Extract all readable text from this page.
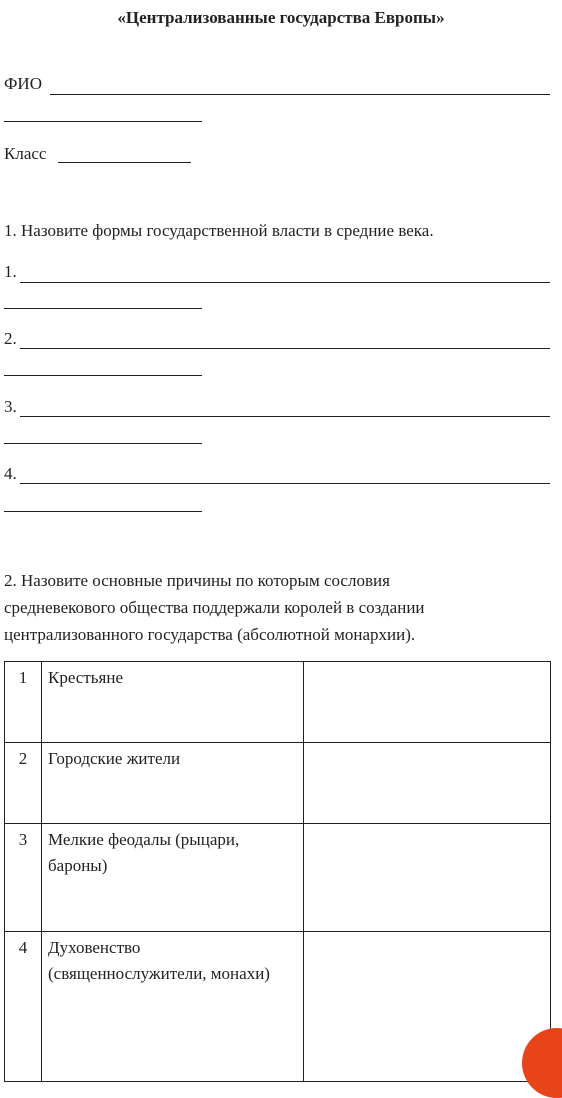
«Централизованные государства Европы»
ФИО
Класс
1. Назовите формы государственной власти в средние века.
1.
2.
3.
4.
2. Назовите основные причины по которым сословия
средневекового общества поддержали королей в создании
централизованного государства (абсолютной монархии).
1	Крестьяне	
2	Городские жители	
3	Мелкие феодалы (рыцари, бароны)	
4	Духовенство (священнослужители, монахи)	
